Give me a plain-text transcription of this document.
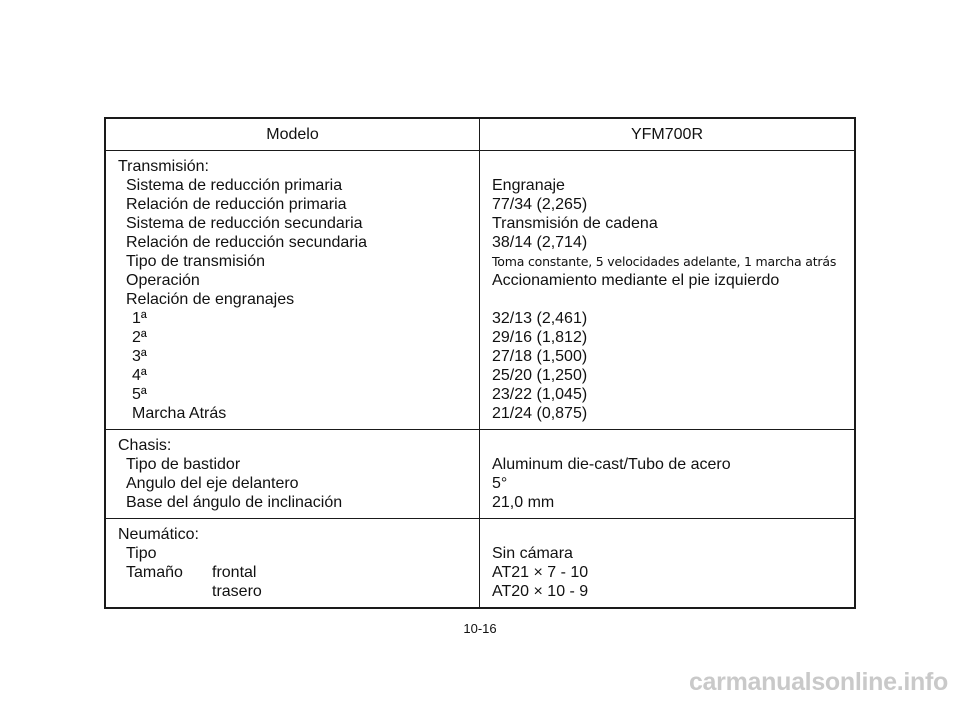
Modelo	YFM700R
Transmisión:
Sistema de reducción primaria
Relación de reducción primaria
Sistema de reducción secundaria
Relación de reducción secundaria
Tipo de transmisión
Operación
Relación de engranajes
1ª
2ª
3ª
4ª
5ª
Marcha Atrás
Engranaje
77/34 (2,265)
Transmisión de cadena
38/14 (2,714)
Toma constante, 5 velocidades adelante, 1 marcha atrás
Accionamiento mediante el pie izquierdo
32/13 (2,461)
29/16 (1,812)
27/18 (1,500)
25/20 (1,250)
23/22 (1,045)
21/24 (0,875)
Chasis:
Tipo de bastidor
Angulo del eje delantero
Base del ángulo de inclinación
Aluminum die-cast/Tubo de acero
5°
21,0 mm
Neumático:
Tipo
Tamaño frontal
trasero
Sin cámara
AT21 × 7 - 10
AT20 × 10 - 9
10-16
carmanualsonline.info
